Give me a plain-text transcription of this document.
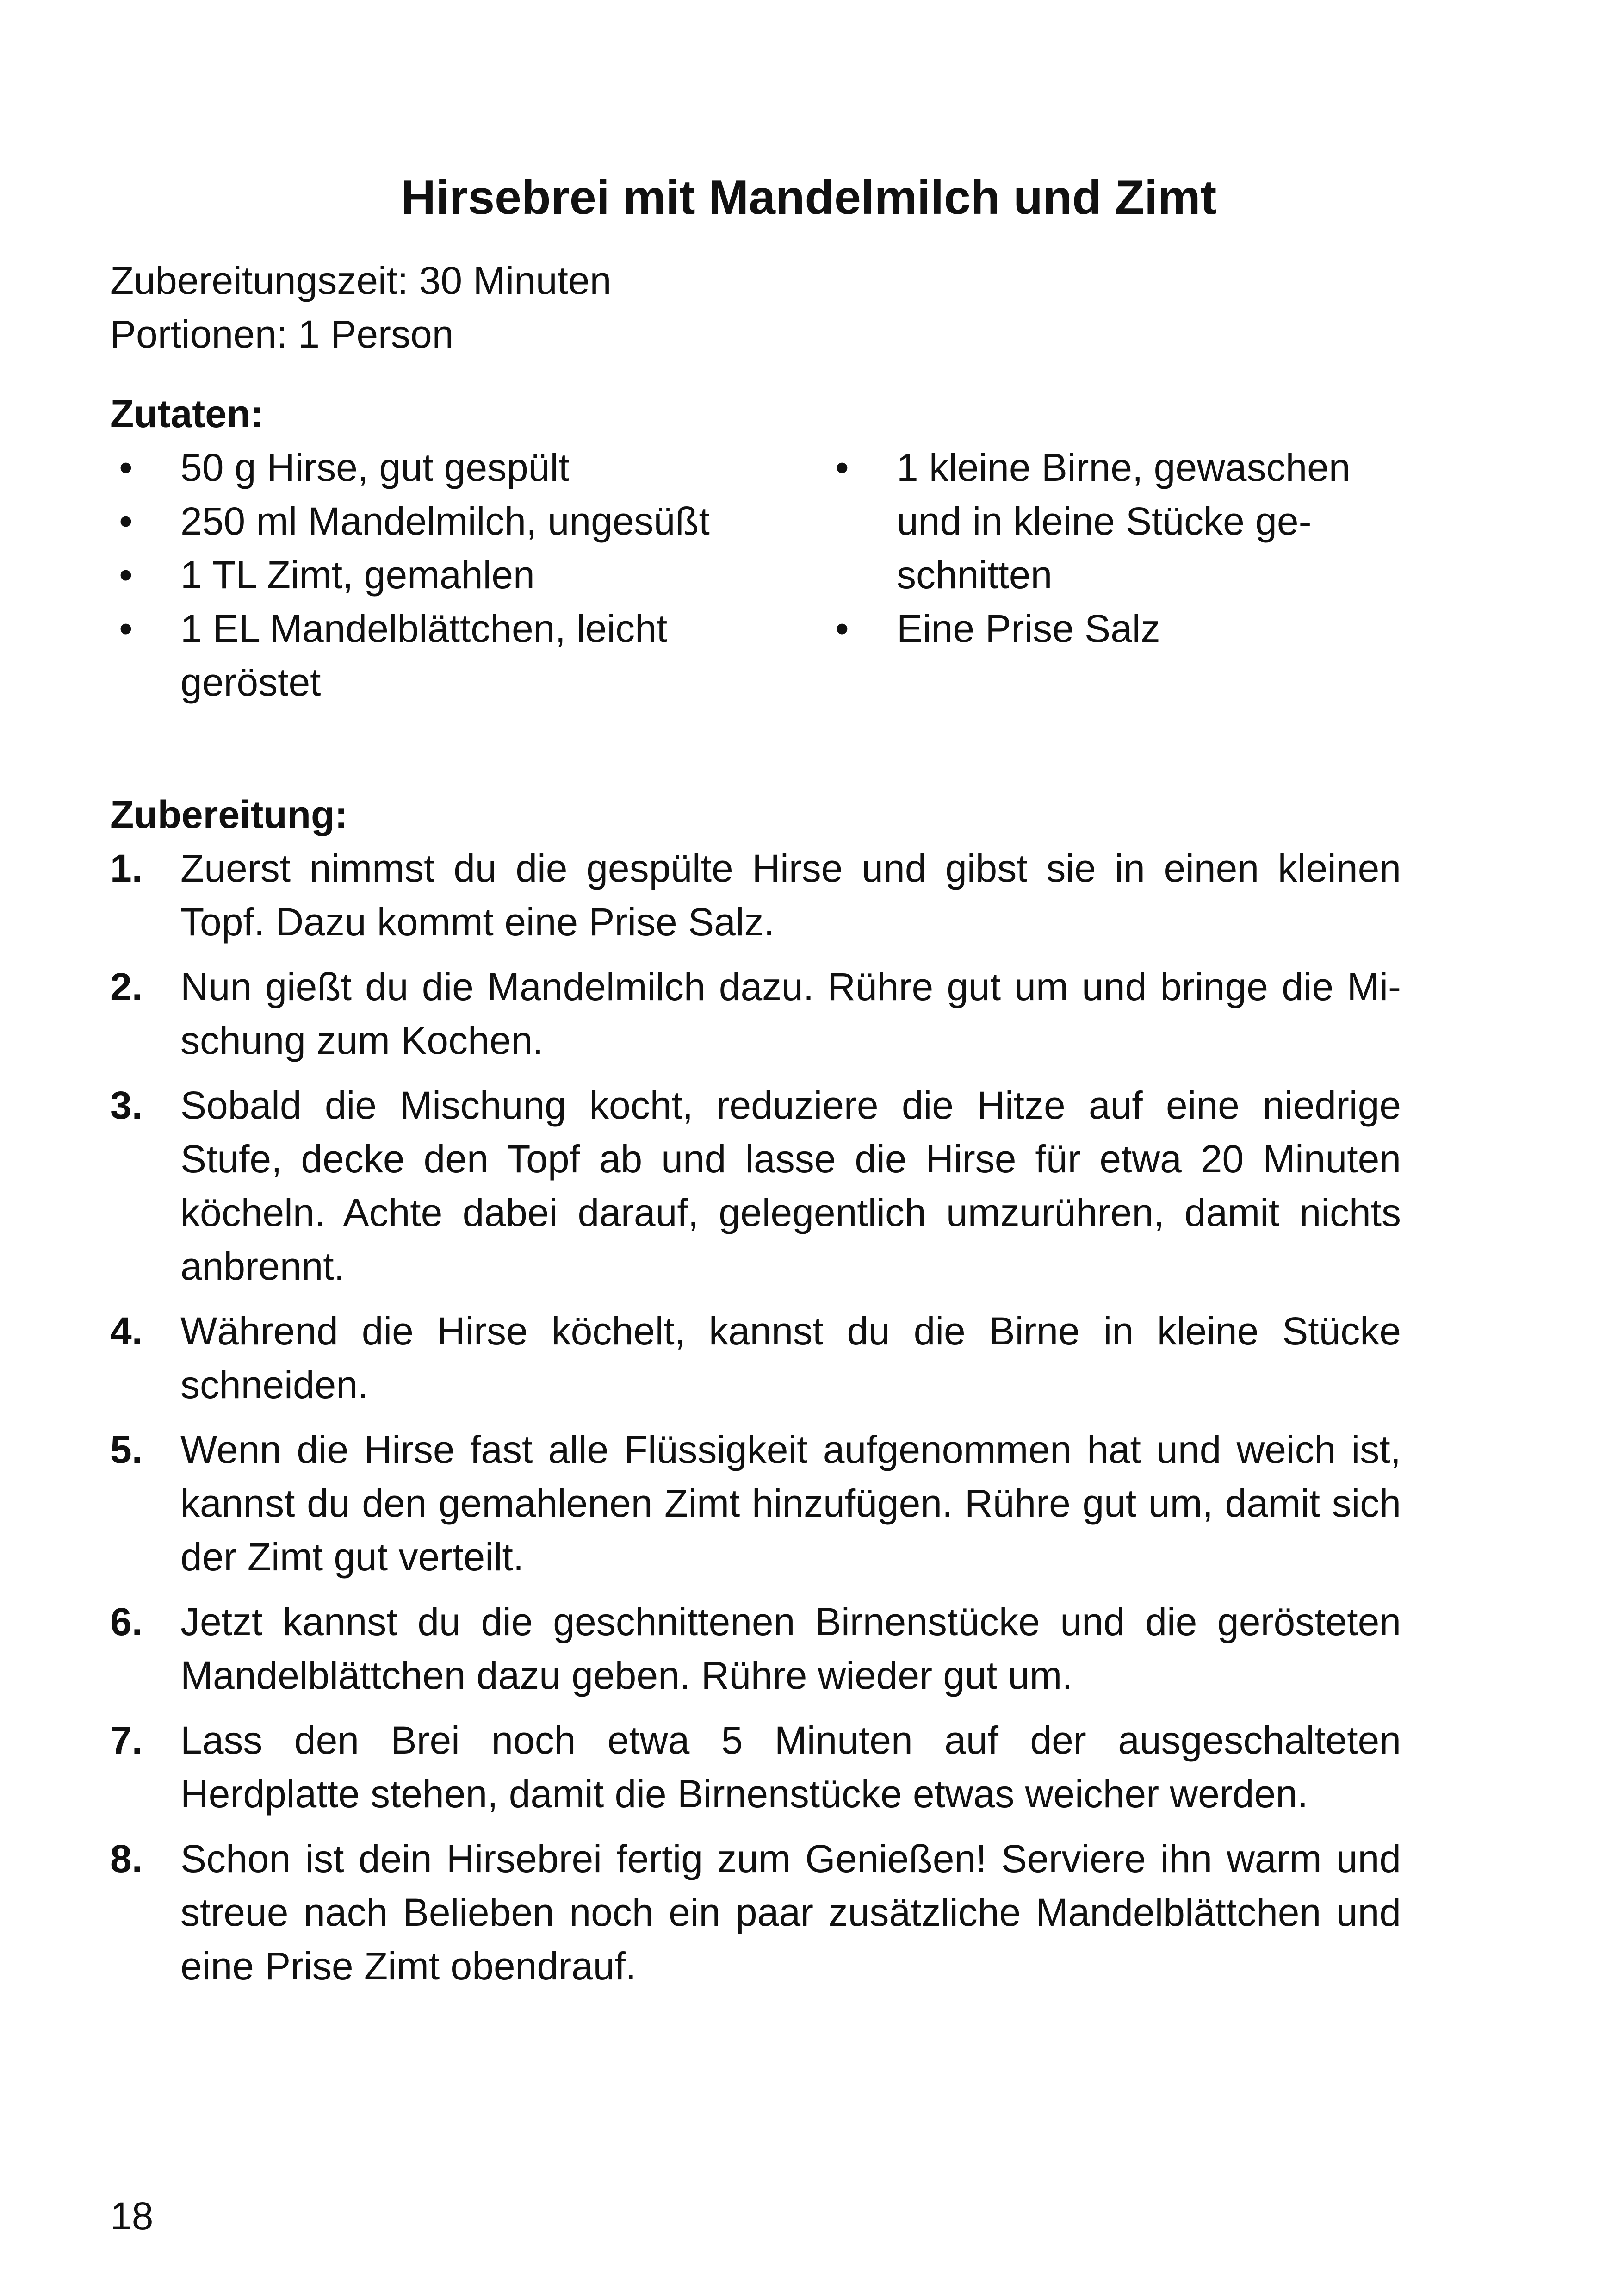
Hirsebrei mit Mandelmilch und Zimt
Zubereitungszeit: 30 Minuten
Portionen: 1 Person
Zutaten:
• 50 g Hirse, gut gespült
• 250 ml Mandelmilch, ungesüßt
• 1 TL Zimt, gemahlen
• 1 EL Mandelblättchen, leicht geröstet
• 1 kleine Birne, gewaschen und in kleine Stücke geschnitten
• Eine Prise Salz
Zubereitung:
1. Zuerst nimmst du die gespülte Hirse und gibst sie in einen kleinen Topf. Dazu kommt eine Prise Salz.
2. Nun gießt du die Mandelmilch dazu. Rühre gut um und bringe die Mischung zum Kochen.
3. Sobald die Mischung kocht, reduziere die Hitze auf eine niedrige Stufe, decke den Topf ab und lasse die Hirse für etwa 20 Minuten köcheln. Achte dabei darauf, gelegentlich umzurühren, damit nichts anbrennt.
4. Während die Hirse köchelt, kannst du die Birne in kleine Stücke schneiden.
5. Wenn die Hirse fast alle Flüssigkeit aufgenommen hat und weich ist, kannst du den gemahlenen Zimt hinzufügen. Rühre gut um, damit sich der Zimt gut verteilt.
6. Jetzt kannst du die geschnittenen Birnenstücke und die gerösteten Mandelblättchen dazu geben. Rühre wieder gut um.
7. Lass den Brei noch etwa 5 Minuten auf der ausgeschalteten Herdplatte stehen, damit die Birnenstücke etwas weicher werden.
8. Schon ist dein Hirsebrei fertig zum Genießen! Serviere ihn warm und streue nach Belieben noch ein paar zusätzliche Mandelblättchen und eine Prise Zimt obendrauf.
18
